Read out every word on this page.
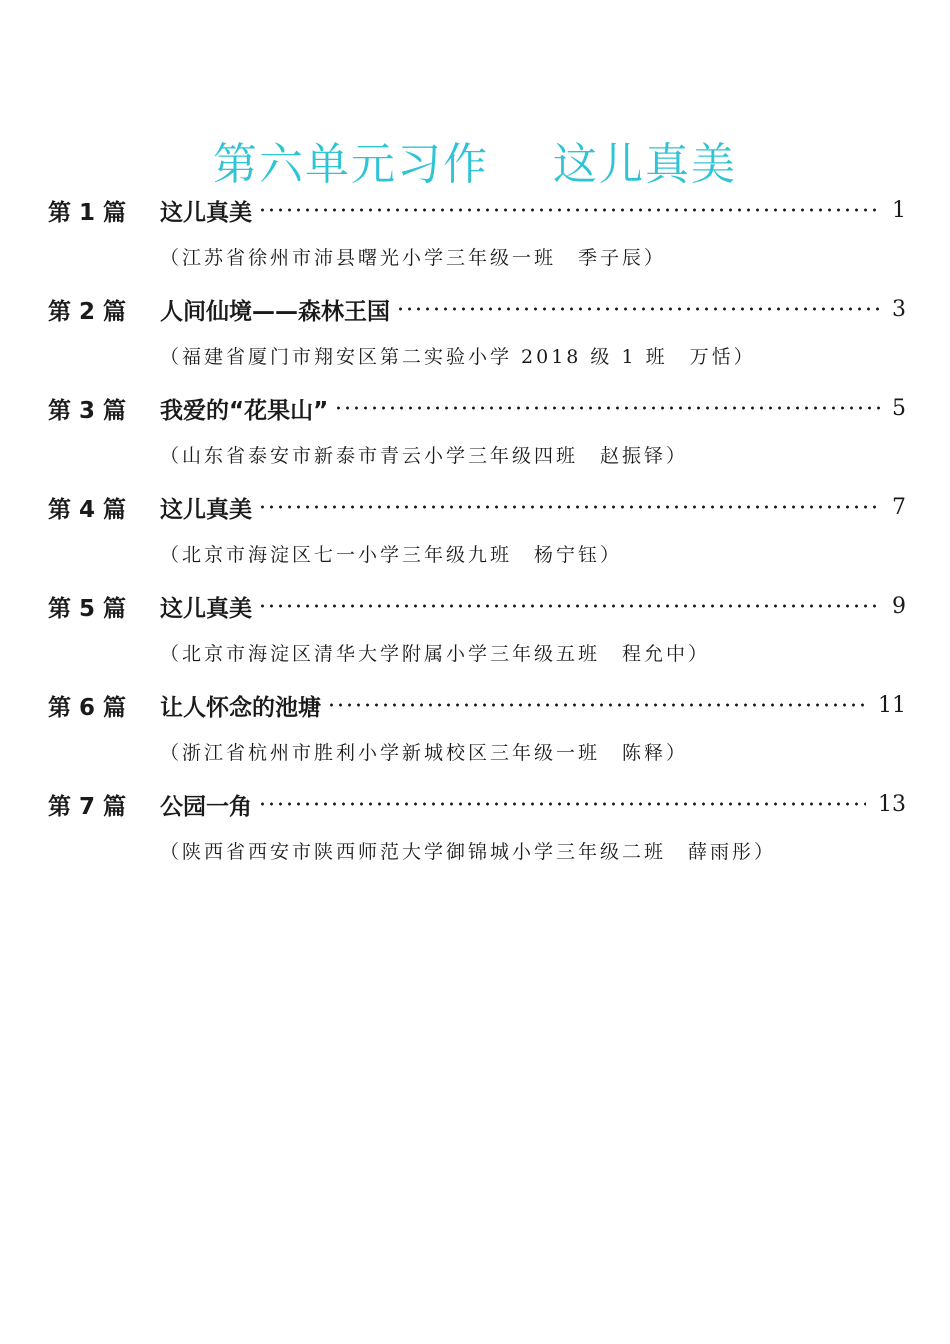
第六单元习作    这儿真美
第 1 篇	这儿真美	1
（江苏省徐州市沛县曙光小学三年级一班　季子辰）
第 2 篇	人间仙境——森林王国	3
（福建省厦门市翔安区第二实验小学 2018 级 1 班　万恬）
第 3 篇	我爱的“花果山”	5
（山东省泰安市新泰市青云小学三年级四班　赵振铎）
第 4 篇	这儿真美	7
（北京市海淀区七一小学三年级九班　杨宁钰）
第 5 篇	这儿真美	9
（北京市海淀区清华大学附属小学三年级五班　程允中）
第 6 篇	让人怀念的池塘	11
（浙江省杭州市胜利小学新城校区三年级一班　陈释）
第 7 篇	公园一角	13
（陕西省西安市陕西师范大学御锦城小学三年级二班　薛雨彤）
